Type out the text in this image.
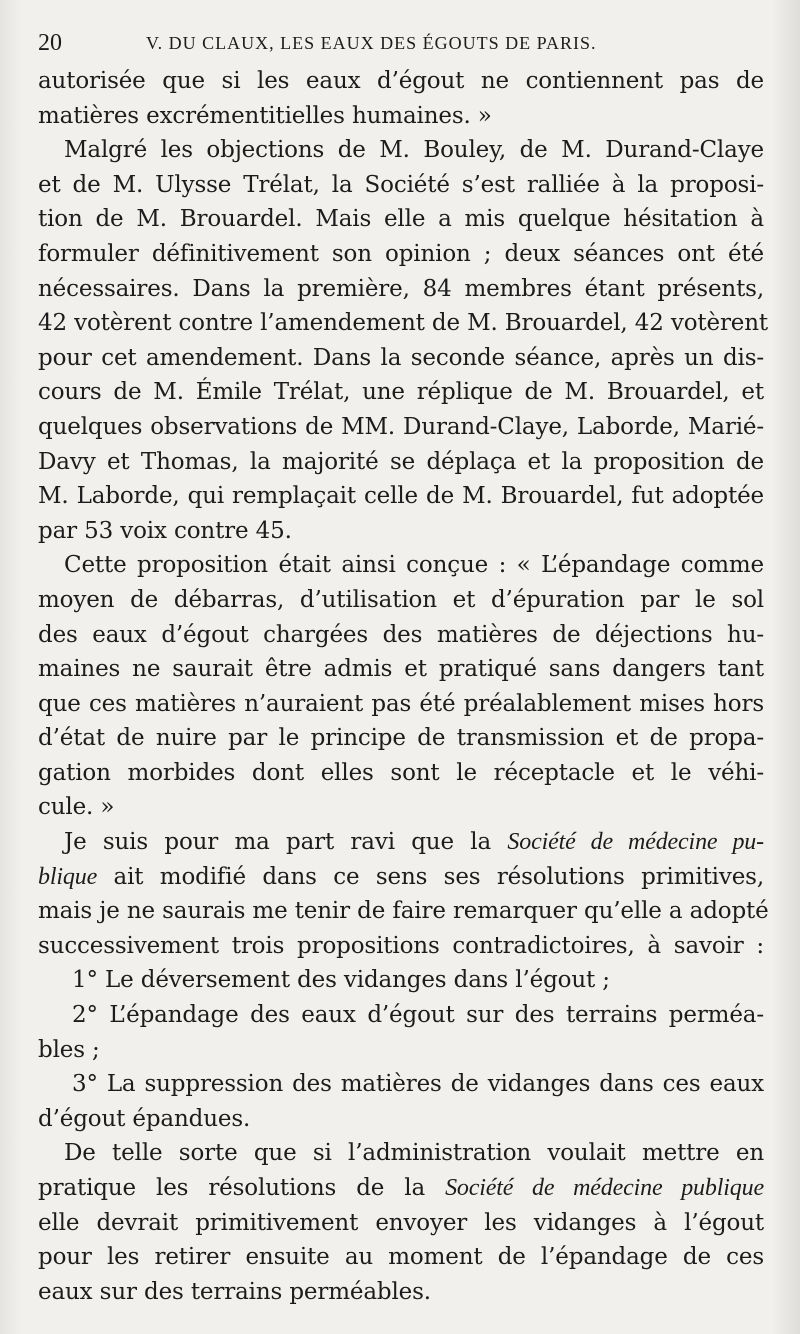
20	V. DU CLAUX, LES EAUX DES ÉGOUTS DE PARIS.
autorisée que si les eaux d’égout ne contiennent pas de
matières excrémentitielles humaines. »
Malgré les objections de M. Bouley, de M. Durand-Claye
et de M. Ulysse Trélat, la Société s’est ralliée à la proposi-
tion de M. Brouardel. Mais elle a mis quelque hésitation à
formuler définitivement son opinion ; deux séances ont été
nécessaires. Dans la première, 84 membres étant présents,
42 votèrent contre l’amendement de M. Brouardel, 42 votèrent
pour cet amendement. Dans la seconde séance, après un dis-
cours de M. Émile Trélat, une réplique de M. Brouardel, et
quelques observations de MM. Durand-Claye, Laborde, Marié-
Davy et Thomas, la majorité se déplaça et la proposition de
M. Laborde, qui remplaçait celle de M. Brouardel, fut adoptée
par 53 voix contre 45.
Cette proposition était ainsi conçue : « L’épandage comme
moyen de débarras, d’utilisation et d’épuration par le sol
des eaux d’égout chargées des matières de déjections hu-
maines ne saurait être admis et pratiqué sans dangers tant
que ces matières n’auraient pas été préalablement mises hors
d’état de nuire par le principe de transmission et de propa-
gation morbides dont elles sont le réceptacle et le véhi-
cule. »
Je suis pour ma part ravi que la Société de médecine pu-
blique ait modifié dans ce sens ses résolutions primitives,
mais je ne saurais me tenir de faire remarquer qu’elle a adopté
successivement trois propositions contradictoires, à savoir :
1° Le déversement des vidanges dans l’égout ;
2° L’épandage des eaux d’égout sur des terrains perméa-
bles ;
3° La suppression des matières de vidanges dans ces eaux
d’égout épandues.
De telle sorte que si l’administration voulait mettre en
pratique les résolutions de la Société de médecine publique
elle devrait primitivement envoyer les vidanges à l’égout
pour les retirer ensuite au moment de l’épandage de ces
eaux sur des terrains perméables.
